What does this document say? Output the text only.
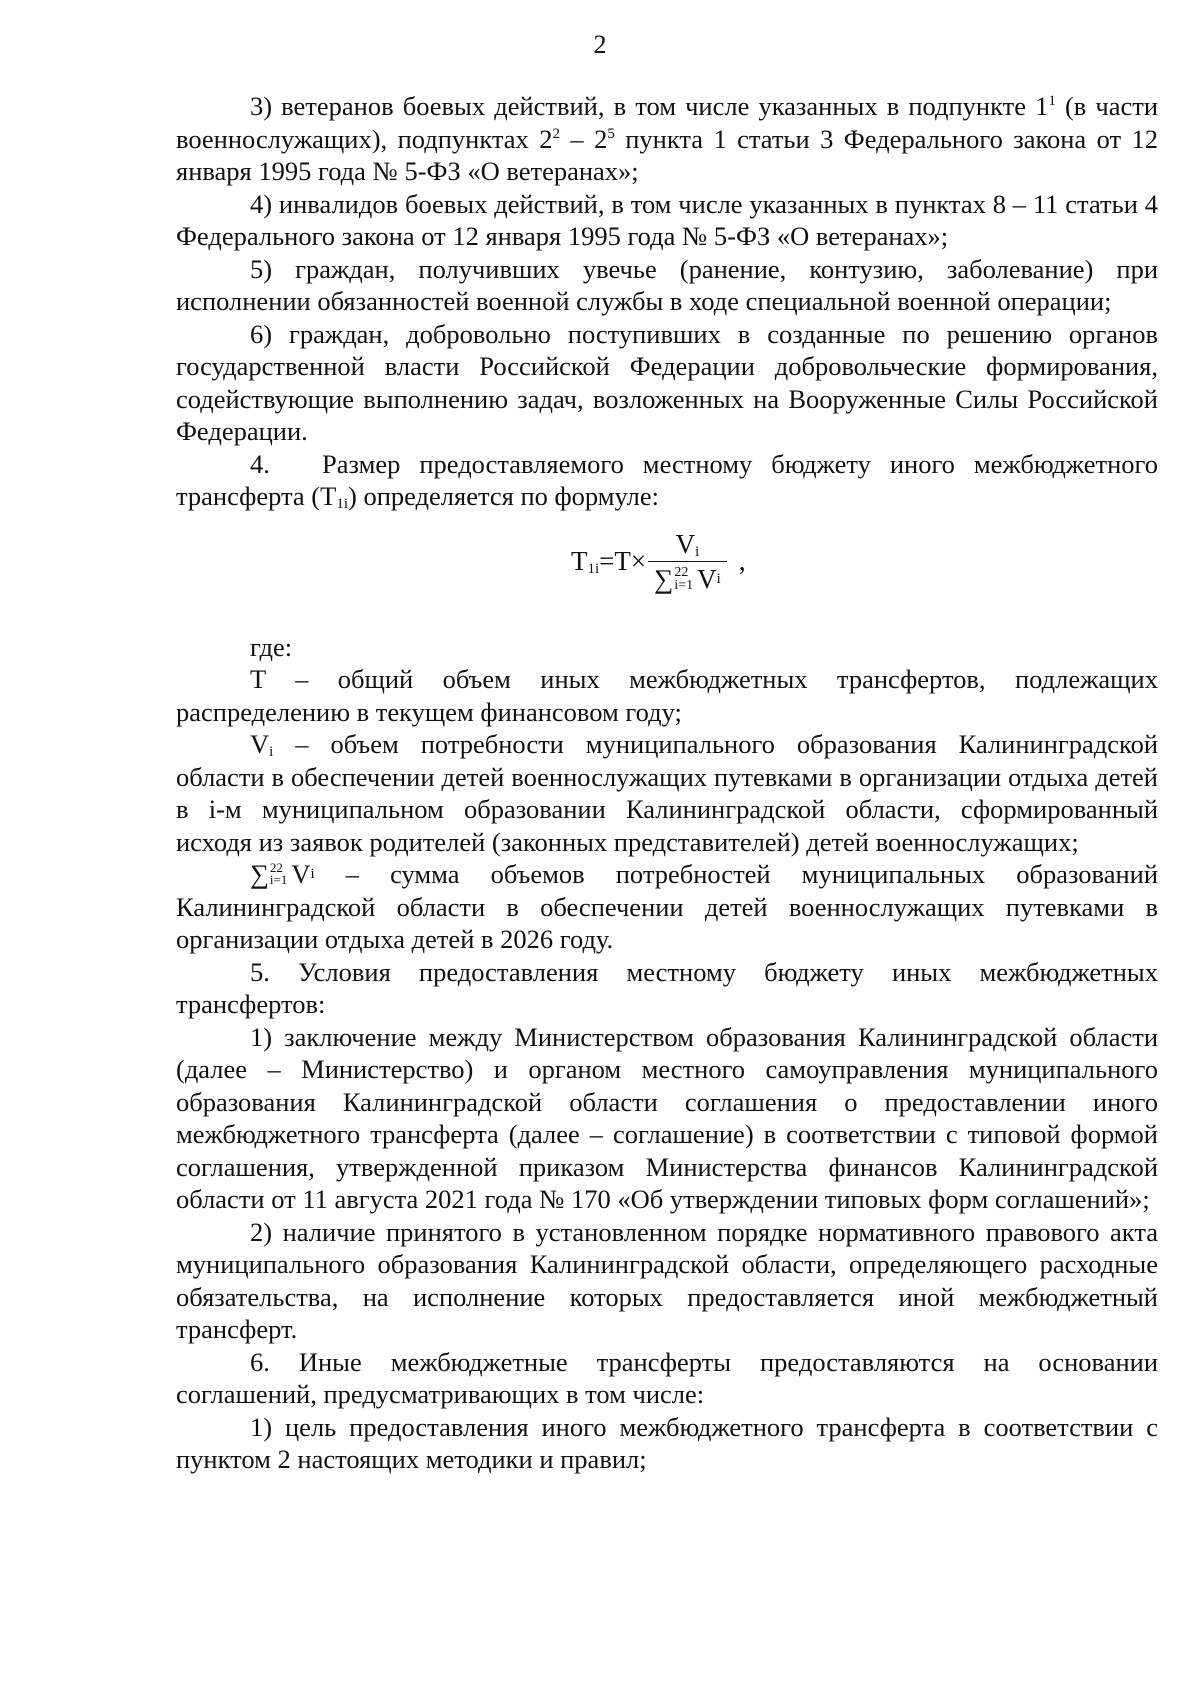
2

3) ветеранов боевых действий, в том числе указанных в подпункте $1^1$ (в части военнослужащих), подпунктах $2^2 - 2^5$ пункта 1 статьи 3 Федерального закона от 12 января 1995 года № 5-ФЗ «О ветеранах»;

4) инвалидов боевых действий, в том числе указанных в пунктах 8 – 11 статьи 4 Федерального закона от 12 января 1995 года № 5-ФЗ «О ветеранах»;

5) граждан, получивших увечье (ранение, контузию, заболевание) при исполнении обязанностей военной службы в ходе специальной военной операции;

6) граждан, добровольно поступивших в созданные по решению органов государственной власти Российской Федерации добровольческие формирования, содействующие выполнению задач, возложенных на Вооруженные Силы Российской Федерации.

4. Размер предоставляемого местному бюджету иного межбюджетного трансферта $(T_{1i})$ определяется по формуле:

$T_{1i} =T\times V_i$
∑ 22
i=1 V i ,

где:

T – общий объем иных межбюджетных трансфертов, подлежащих распределению в текущем финансовом году;

$V_i$ – объем потребности муниципального образования Калининградской области в обеспечении детей военнослужащих путевками в организации отдыха детей в i-м муниципальном образовании Калининградской области, сформированный исходя из заявок родителей (законных представителей) детей военнослужащих;

∑ 22
i=1 V i – сумма объемов потребностей муниципальных образований Калининградской области в обеспечении детей военнослужащих путевками в организации отдыха детей в 2026 году.

5. Условия предоставления местному бюджету иных межбюджетных трансфертов:

1) заключение между Министерством образования Калининградской области (далее – Министерство) и органом местного самоуправления муниципального образования Калининградской области соглашения о предоставлении иного межбюджетного трансферта (далее – соглашение) в соответствии с типовой формой соглашения, утвержденной приказом Министерства финансов Калининградской области от 11 августа 2021 года № 170 «Об утверждении типовых форм соглашений»;

2) наличие принятого в установленном порядке нормативного правового акта муниципального образования Калининградской области, определяющего расходные обязательства, на исполнение которых предоставляется иной межбюджетный трансферт.

6. Иные межбюджетные трансферты предоставляются на основании соглашений, предусматривающих в том числе:

1) цель предоставления иного межбюджетного трансферта в соответствии с пунктом 2 настоящих методики и правил;
